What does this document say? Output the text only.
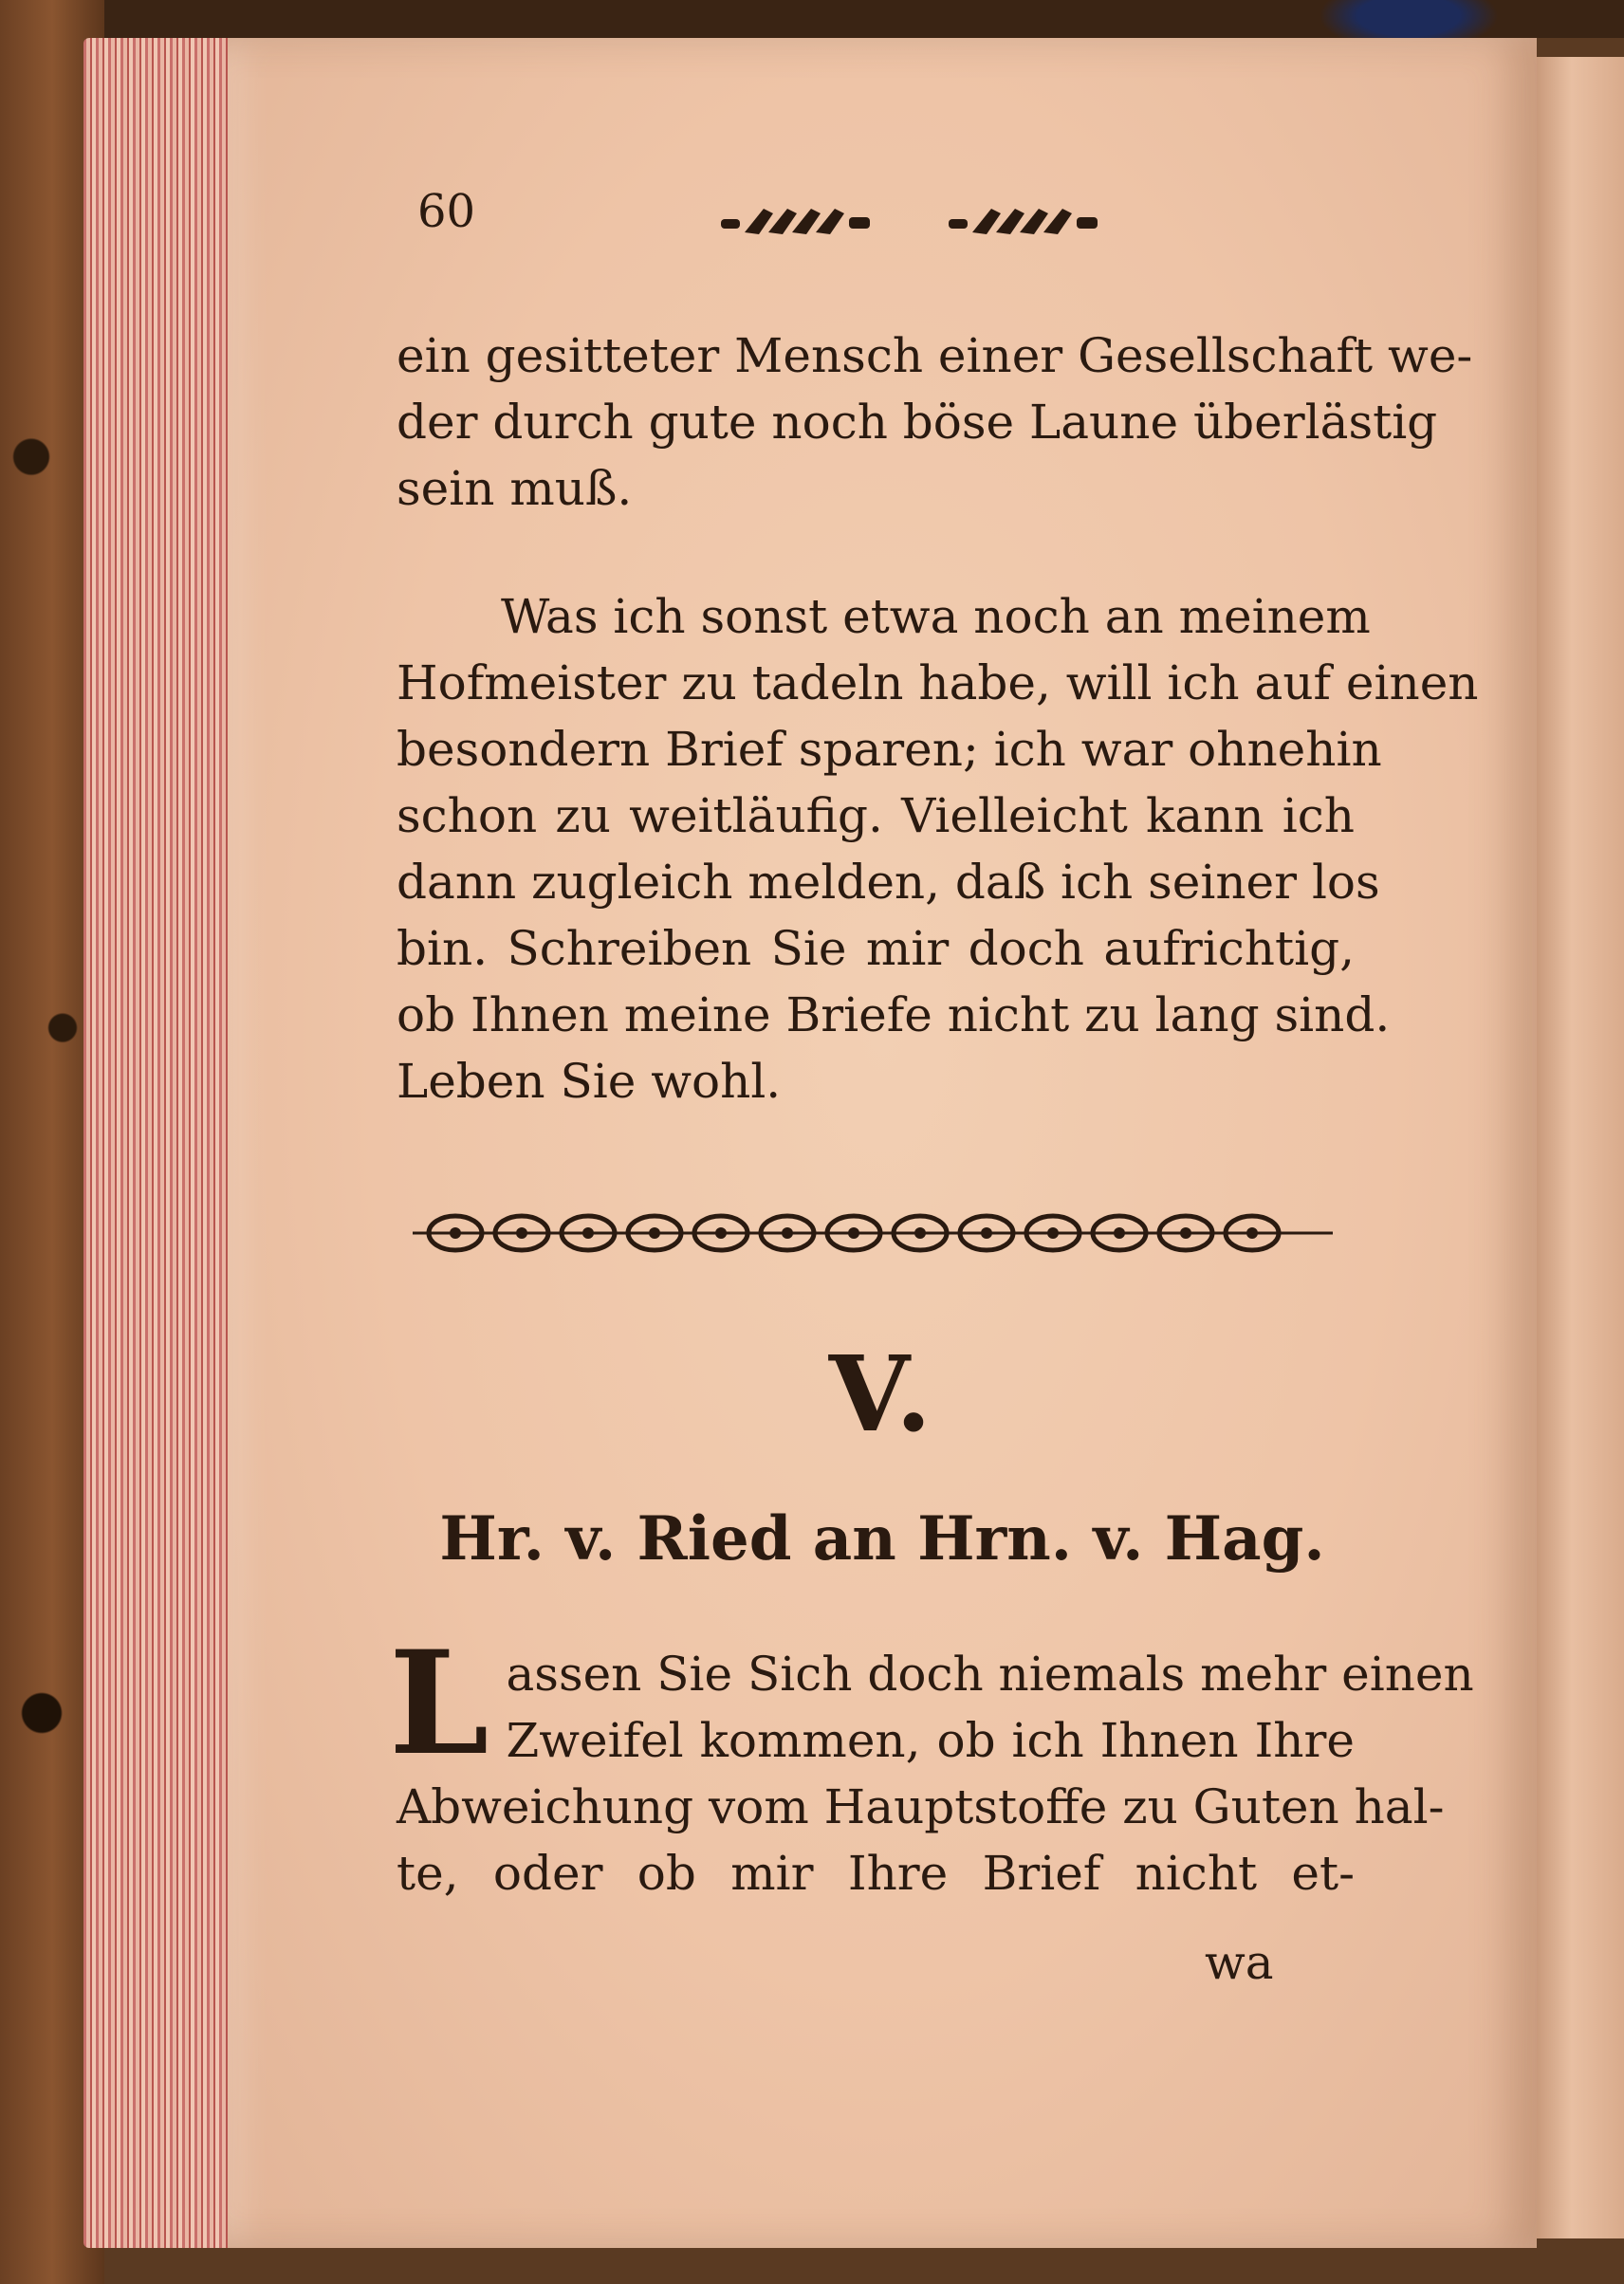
60
ein gesitteter Mensch einer Gesellschaft we-
der durch gute noch böse Laune überlästig
sein muß.
Was ich sonst etwa noch an meinem
Hofmeister zu tadeln habe, will ich auf einen
besondern Brief sparen; ich war ohnehin
schon zu weitläufig. Vielleicht kann ich
dann zugleich melden, daß ich seiner los
bin. Schreiben Sie mir doch aufrichtig,
ob Ihnen meine Briefe nicht zu lang sind.
Leben Sie wohl.
V.
Hr. v. Ried an Hrn. v. Hag.
L assen Sie Sich doch niemals mehr einen
Zweifel kommen, ob ich Ihnen Ihre
Abweichung vom Hauptstoffe zu Guten hal-
te, oder ob mir Ihre Brief nicht et-
wa
